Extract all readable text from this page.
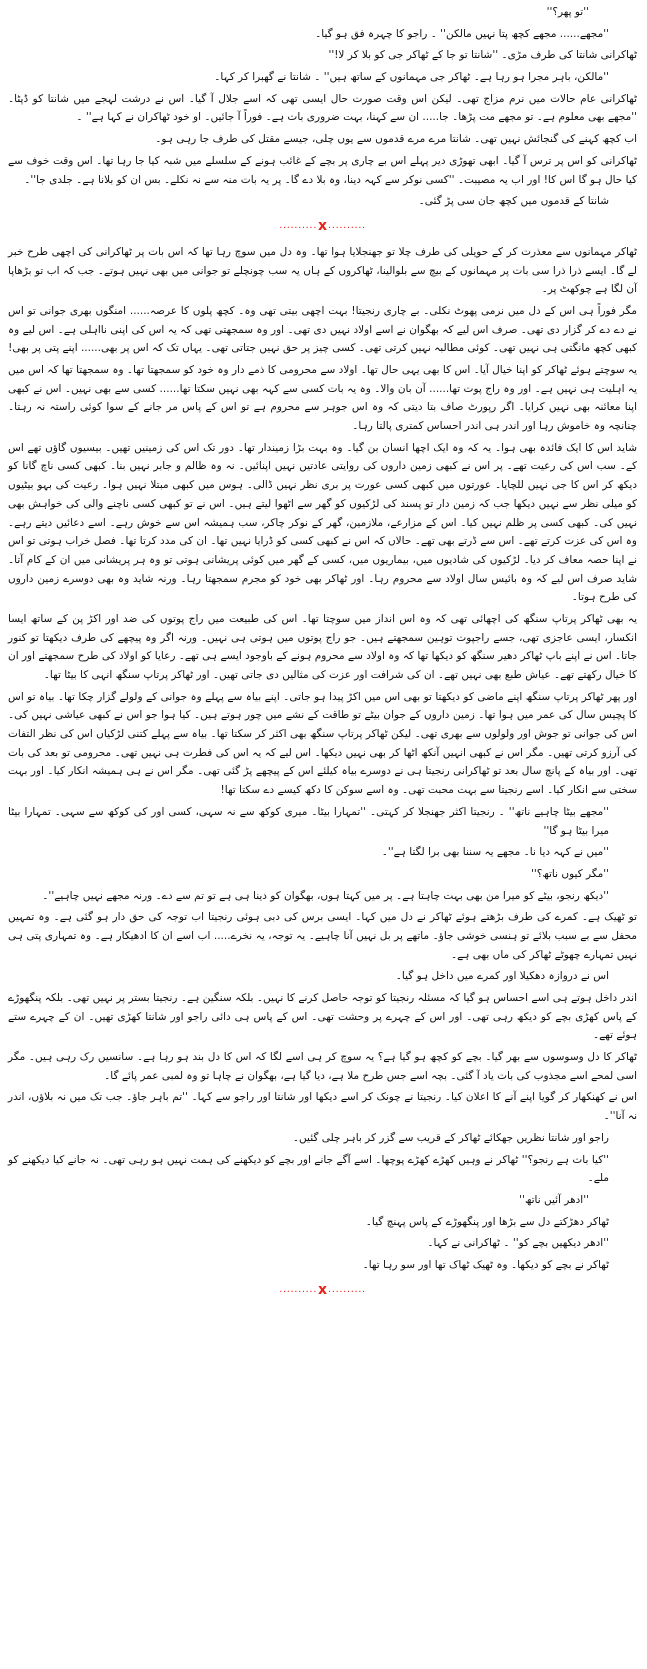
''تو پھر؟''

''مجھے...... مجھے کچھ پتا نہیں مالکن'' ۔ راجو کا چہرہ فق ہو گیا۔

ٹھاکرانی شانتا کی طرف مڑی۔ ''شانتا تو جا کے ٹھاکر جی کو بلا کر لا!''

''مالکن، باہر مجرا ہو رہا ہے۔ ٹھاکر جی مہمانوں کے ساتھ ہیں'' ۔ شانتا نے گھبرا کر کہا۔

ٹھاکرانی عام حالات میں نرم مزاج تھی۔ لیکن اس وقت صورت حال ایسی تھی کہ اسے جلال آ گیا۔ اس نے درشت لہجے میں شانتا کو ڈپٹا۔ ''مجھے بھی معلوم ہے۔ تو مجھے مت پڑھا۔ جا..... ان سے کہنا، بہت ضروری بات ہے۔ فوراً آ جائیں۔ او خود ٹھاکران نے کہا ہے'' ۔

اب کچھ کہنے کی گنجائش نہیں تھی۔ شانتا مرے مرے قدموں سے یوں چلی، جیسے مقتل کی طرف جا رہی ہو۔

ٹھاکرانی کو اس پر ترس آ گیا۔ ابھی تھوڑی دیر پہلے اس بے چاری پر بچے کے غائب ہونے کے سلسلے میں شبہ کیا جا رہا تھا۔ اس وقت خوف سے کیا حال ہو گا اس کا! اور اب یہ مصیبت۔ ''کسی نوکر سے کہہ دینا، وہ بلا دے گا۔ پر یہ بات منہ سے نہ نکلے۔ بس ان کو بلانا ہے۔ جلدی جا''۔

شانتا کے قدموں میں کچھ جان سی پڑ گئی۔

.......... x ..........

ٹھاکر مہمانوں سے معذرت کر کے حویلی کی طرف چلا تو جھنجلایا ہوا تھا۔ وہ دل میں سوچ رہا تھا کہ اس بات پر ٹھاکرانی کی اچھی طرح خبر لے گا۔ ایسے ذرا ذرا سی بات پر مہمانوں کے بیچ سے بلوالینا، ٹھاکروں کے ہاں یہ سب چونچلے تو جوانی میں بھی نہیں ہوتے۔ جب کہ اب تو بڑھاپا آن لگا ہے چوکھٹ پر۔

مگر فوراً ہی اس کے دل میں نرمی پھوٹ نکلی۔ بے چاری رنجیتا! بہت اچھی بیتی تھی وہ۔ کچھ پلوں کا عرصہ...... امنگوں بھری جوانی تو اس نے دے دے کر گزار دی تھی۔ صرف اس لیے کہ بھگوان نے اسے اولاد نہیں دی تھی۔ اور وہ سمجھتی تھی کہ یہ اس کی اپنی نااہلی ہے۔ اس لیے وہ کبھی کچھ مانگتی ہی نہیں تھی۔ کوئی مطالبہ نہیں کرتی تھی۔ کسی چیز پر حق نہیں جتاتی تھی۔ یہاں تک کہ اس پر بھی...... اپنے پتی پر بھی!

یہ سوچتے ہوئے ٹھاکر کو اپنا خیال آیا۔ اس کا بھی یہی حال تھا۔ اولاد سے محرومی کا ذمے دار وہ خود کو سمجھتا تھا۔ وہ سمجھتا تھا کہ اس میں یہ اہلیت ہی نہیں ہے۔ اور وہ راج پوت تھا...... آن بان والا۔ وہ یہ بات کسی سے کہہ بھی نہیں سکتا تھا...... کسی سے بھی نہیں۔ اس نے کبھی اپنا معائنہ بھی نہیں کرایا۔ اگر رپورٹ صاف بتا دیتی کہ وہ اس جوہر سے محروم ہے تو اس کے پاس مر جانے کے سوا کوئی راستہ نہ رہتا۔ چنانچہ وہ خاموش رہا اور اندر ہی اندر احساس کمتری پالتا رہا۔

شاید اس کا ایک فائدہ بھی ہوا۔ یہ کہ وہ ایک اچھا انسان بن گیا۔ وہ بہت بڑا زمیندار تھا۔ دور تک اس کی زمینیں تھیں۔ بیسیوں گاؤں تھے اس کے۔ سب اس کی رعیت تھے۔ پر اس نے کبھی زمین داروں کی روایتی عادتیں نہیں اپنائیں۔ نہ وہ ظالم و جابر نہیں بنا۔ کبھی کسی ناچ گانا کو دیکھ کر اس کا جی نہیں للچایا۔ عورتوں میں کبھی کسی عورت پر بری نظر نہیں ڈالی۔ ہوس میں کبھی مبتلا نہیں ہوا۔ رعیت کی بہو بیٹیوں کو میلی نظر سے نہیں دیکھا جب کہ زمین دار تو پسند کی لڑکیوں کو گھر سے اٹھوا لیتے ہیں۔ اس نے تو کبھی کسی ناچنے والی کی خواہش بھی نہیں کی۔ کبھی کسی پر ظلم نہیں کیا۔ اس کے مزارعے، ملازمین، گھر کے نوکر چاکر، سب ہمیشہ اس سے خوش رہے۔ اسے دعائیں دیتے رہے۔ وہ اس کی عزت کرتے تھے۔ اس سے ڈرتے بھی تھے۔ حالاں کہ اس نے کبھی کسی کو ڈرایا نہیں تھا۔ ان کی مدد کرتا تھا۔ فصل خراب ہوتی تو اس نے اپنا حصہ معاف کر دیا۔ لڑکیوں کی شادیوں میں، بیماریوں میں، کسی کے گھر میں کوئی پریشانی ہوتی تو وہ ہر پریشانی میں ان کے کام آتا۔ شاید صرف اس لیے کہ وہ بائیس سال اولاد سے محروم رہا۔ اور ٹھاکر بھی خود کو مجرم سمجھتا رہا۔ ورنہ شاید وہ بھی دوسرے زمین داروں کی طرح ہوتا۔

یہ بھی ٹھاکر پرتاپ سنگھ کی اچھائی تھی کہ وہ اس انداز میں سوچتا تھا۔ اس کی طبیعت میں راج پوتوں کی ضد اور اکڑ پن کے ساتھ ایسا انکسار، ایسی عاجزی تھی، جسے راجپوت توہین سمجھتے ہیں۔ جو راج پوتوں میں ہوتی ہی نہیں۔ ورنہ اگر وہ پیچھے کی طرف دیکھتا تو کنور جاتا۔ اس نے اپنے باپ ٹھاکر دھیر سنگھ کو دیکھا تھا کہ وہ اولاد سے محروم ہونے کے باوجود ایسے ہی تھے۔ رعایا کو اولاد کی طرح سمجھتے اور ان کا خیال رکھتے تھے۔ عیاش طبع بھی نہیں تھے۔ ان کی شرافت اور عزت کی مثالیں دی جاتی تھیں۔ اور ٹھاکر پرتاپ سنگھ انہی کا بیٹا تھا۔

اور پھر ٹھاکر پرتاپ سنگھ اپنے ماضی کو دیکھتا تو بھی اس میں اکڑ پیدا ہو جاتی۔ اپنے بیاہ سے پہلے وہ جوانی کے ولولے گزار چکا تھا۔ بیاہ تو اس کا پچیس سال کی عمر میں ہوا تھا۔ زمین داروں کے جوان بیٹے تو طاقت کے نشے میں چور ہوتے ہیں۔ کیا ہوا جو اس نے کبھی عیاشی نہیں کی۔ اس کی جوانی تو جوش اور ولولوں سے بھری تھی۔ لیکن ٹھاکر پرتاپ سنگھ بھی اکثر کر سکتا تھا۔ بیاہ سے پہلے کتنی لڑکیاں اس کی نظر التفات کی آرزو کرتی تھیں۔ مگر اس نے کبھی انہیں آنکھ اٹھا کر بھی نہیں دیکھا۔ اس لیے کہ یہ اس کی فطرت ہی نہیں تھی۔ محرومی تو بعد کی بات تھی۔ اور بیاہ کے پانچ سال بعد تو ٹھاکرانی رنجیتا ہی نے دوسرے بیاہ کیلئے اس کے پیچھے پڑ گئی تھی۔ مگر اس نے ہی ہمیشہ انکار کیا۔ اور بہت سختی سے انکار کیا۔ اسے رنجیتا سے بہت محبت تھی۔ وہ اسے سوکن کا دکھ کیسے دے سکتا تھا!

''مجھے بیٹا چاہیے ناتھ'' ۔ رنجیتا اکثر جھنجلا کر کہتی۔ ''تمہارا بیٹا۔ میری کوکھ سے نہ سہی، کسی اور کی کوکھ سے سہی۔ تمہارا بیٹا میرا بیٹا ہو گا''

''میں نے کہہ دیا نا۔ مجھے یہ سننا بھی برا لگتا ہے''۔

''مگر کیوں ناتھ؟''

''دیکھ رنجو، بیٹے کو میرا من بھی بہت چاہتا ہے۔ پر میں کہتا ہوں، بھگوان کو دینا ہی ہے تو تم سے دے۔ ورنہ مجھے نہیں چاہیے''۔

تو ٹھیک ہے۔ کمرے کی طرف بڑھتے ہوئے ٹھاکر نے دل میں کہا۔ ایسی برس کی دبی ہوئی رنجیتا اب توجہ کی حق دار ہو گئی ہے۔ وہ تمہیں محفل سے بے سبب بلائے تو ہنسی خوشی جاؤ۔ ماتھے پر بل نہیں آنا چاہیے۔ یہ توجہ، یہ نخرے..... اب اسے ان کا ادھیکار ہے۔ وہ تمہاری پتی ہی نہیں تمہارے چھوٹے ٹھاکر کی ماں بھی ہے۔

اس نے دروازہ دھکیلا اور کمرے میں داخل ہو گیا۔

اندر داخل ہوتے ہی اسے احساس ہو گیا کہ مسئلہ رنجیتا کو توجہ حاصل کرنے کا نہیں۔ بلکہ سنگین ہے۔ رنجیتا بستر پر نہیں تھی۔ بلکہ پنگھوڑے کے پاس کھڑی بچے کو دیکھ رہی تھی۔ اور اس کے چہرے پر وحشت تھی۔ اس کے پاس ہی دائی راجو اور شانتا کھڑی تھیں۔ ان کے چہرے ستے ہوئے تھے۔

ٹھاکر کا دل وسوسوں سے بھر گیا۔ بچے کو کچھ ہو گیا ہے؟ یہ سوچ کر ہی اسے لگا کہ اس کا دل بند ہو رہا ہے۔ سانسیں رک رہی ہیں۔ مگر اسی لمحے اسے مجذوب کی بات یاد آ گئی۔ بچہ اسے جس طرح ملا ہے، دیا گیا ہے، بھگوان نے چاہا تو وہ لمبی عمر پائے گا۔

اس نے کھنکھار کر گویا اپنے آنے کا اعلان کیا۔ رنجیتا نے چونک کر اسے دیکھا اور شانتا اور راجو سے کہا۔ ''تم باہر جاؤ۔ جب تک میں نہ بلاؤں، اندر نہ آنا''۔

راجو اور شانتا نظریں جھکائے ٹھاکر کے قریب سے گزر کر باہر چلی گئیں۔

''کیا بات ہے رنجو؟'' ٹھاکر نے وہیں کھڑے کھڑے پوچھا۔ اسے آگے جانے اور بچے کو دیکھنے کی ہمت نہیں ہو رہی تھی۔ نہ جانے کیا دیکھنے کو ملے۔

''ادھر آئیں ناتھ''

ٹھاکر دھڑکتے دل سے بڑھا اور پنگھوڑے کے پاس پہنچ گیا۔

''ادھر دیکھیں بچے کو'' ۔ ٹھاکرانی نے کہا۔

ٹھاکر نے بچے کو دیکھا۔ وہ ٹھیک ٹھاک تھا اور سو رہا تھا۔

.......... x ..........
